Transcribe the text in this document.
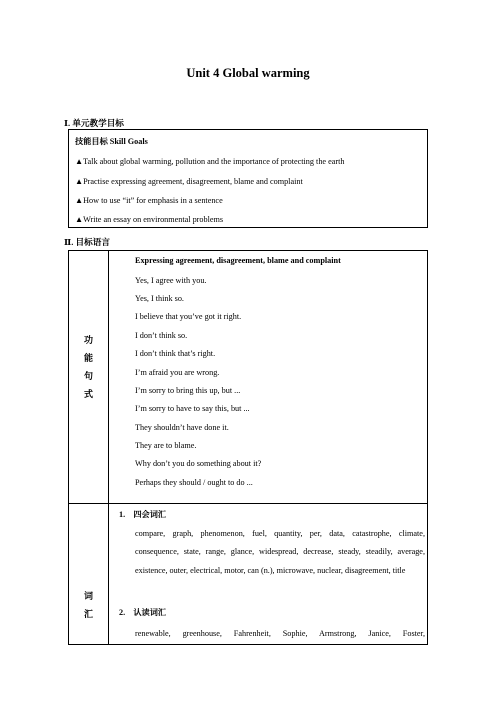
Unit 4 Global warming
Ⅰ. 单元教学目标
技能目标 Skill Goals
▲Talk about global warming, pollution and the importance of protecting the earth
▲Practise expressing agreement, disagreement, blame and complaint
▲How to use “it” for emphasis in a sentence
▲Write an essay on environmental problems
Ⅱ. 目标语言
功
能
句
式
Expressing agreement, disagreement, blame and complaint
Yes, I agree with you.
Yes, I think so.
I believe that you’ve got it right.
I don’t think so.
I don’t think that’s right.
I’m afraid you are wrong.
I’m sorry to bring this up, but ...
I’m sorry to have to say this, but ...
They shouldn’t have done it.
They are to blame.
Why don’t you do something about it?
Perhaps they should / ought to do ...
词
汇
1.　四会词汇
compare, graph, phenomenon, fuel, quantity, per, data, catastrophe, climate, consequence, state, range, glance, widespread, decrease, steady, steadily, average, existence, outer, electrical, motor, can (n.), microwave, nuclear, disagreement, title
2.　认读词汇
renewable, greenhouse, Fahrenheit, Sophie, Armstrong, Janice, Foster,
